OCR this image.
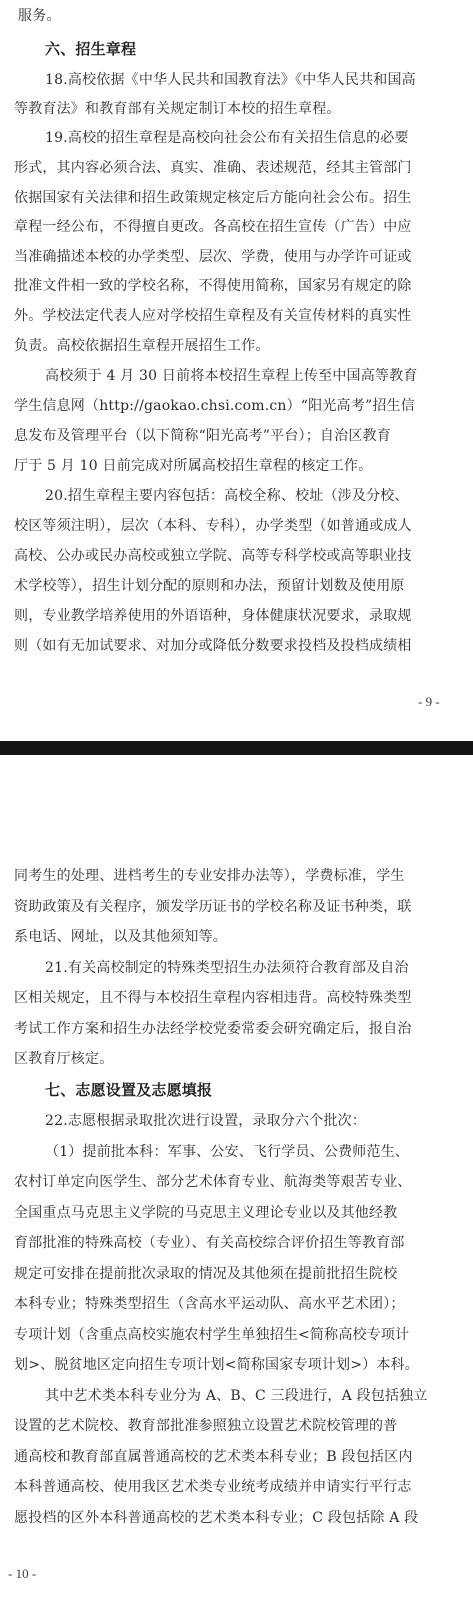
服务。
六、招生章程
18.高校依据《中华人民共和国教育法》《中华人民共和国高
等教育法》和教育部有关规定制订本校的招生章程。
19.高校的招生章程是高校向社会公布有关招生信息的必要
形式，其内容必须合法、真实、准确、表述规范，经其主管部门
依据国家有关法律和招生政策规定核定后方能向社会公布。招生
章程一经公布，不得擅自更改。各高校在招生宣传（广告）中应
当准确描述本校的办学类型、层次、学费，使用与办学许可证或
批准文件相一致的学校名称，不得使用简称，国家另有规定的除
外。学校法定代表人应对学校招生章程及有关宣传材料的真实性
负责。高校依据招生章程开展招生工作。
高校须于 4 月 30 日前将本校招生章程上传至中国高等教育
学生信息网（http://gaokao.chsi.com.cn）“阳光高考”招生信
息发布及管理平台（以下简称“阳光高考”平台）；自治区教育
厅于 5 月 10 日前完成对所属高校招生章程的核定工作。
20.招生章程主要内容包括：高校全称、校址（涉及分校、
校区等须注明），层次（本科、专科），办学类型（如普通或成人
高校、公办或民办高校或独立学院、高等专科学校或高等职业技
术学校等），招生计划分配的原则和办法，预留计划数及使用原
则，专业教学培养使用的外语语种，身体健康状况要求，录取规
则（如有无加试要求、对加分或降低分数要求投档及投档成绩相
- 9 -
同考生的处理、进档考生的专业安排办法等），学费标准，学生
资助政策及有关程序，颁发学历证书的学校名称及证书种类，联
系电话、网址，以及其他须知等。
21.有关高校制定的特殊类型招生办法须符合教育部及自治
区相关规定，且不得与本校招生章程内容相违背。高校特殊类型
考试工作方案和招生办法经学校党委常委会研究确定后，报自治
区教育厅核定。
七、志愿设置及志愿填报
22.志愿根据录取批次进行设置，录取分六个批次：
（1）提前批本科：军事、公安、飞行学员、公费师范生、
农村订单定向医学生、部分艺术体育专业、航海类等艰苦专业、
全国重点马克思主义学院的马克思主义理论专业以及其他经教
育部批准的特殊高校（专业）、有关高校综合评价招生等教育部
规定可安排在提前批次录取的情况及其他须在提前批招生院校
本科专业；特殊类型招生（含高水平运动队、高水平艺术团）；
专项计划（含重点高校实施农村学生单独招生<简称高校专项计
划>、脱贫地区定向招生专项计划<简称国家专项计划>）本科。
其中艺术类本科专业分为 A、B、C 三段进行，A 段包括独立
设置的艺术院校、教育部批准参照独立设置艺术院校管理的普
通高校和教育部直属普通高校的艺术类本科专业；B 段包括区内
本科普通高校、使用我区艺术类专业统考成绩并申请实行平行志
愿投档的区外本科普通高校的艺术类本科专业；C 段包括除 A 段
- 10 -
